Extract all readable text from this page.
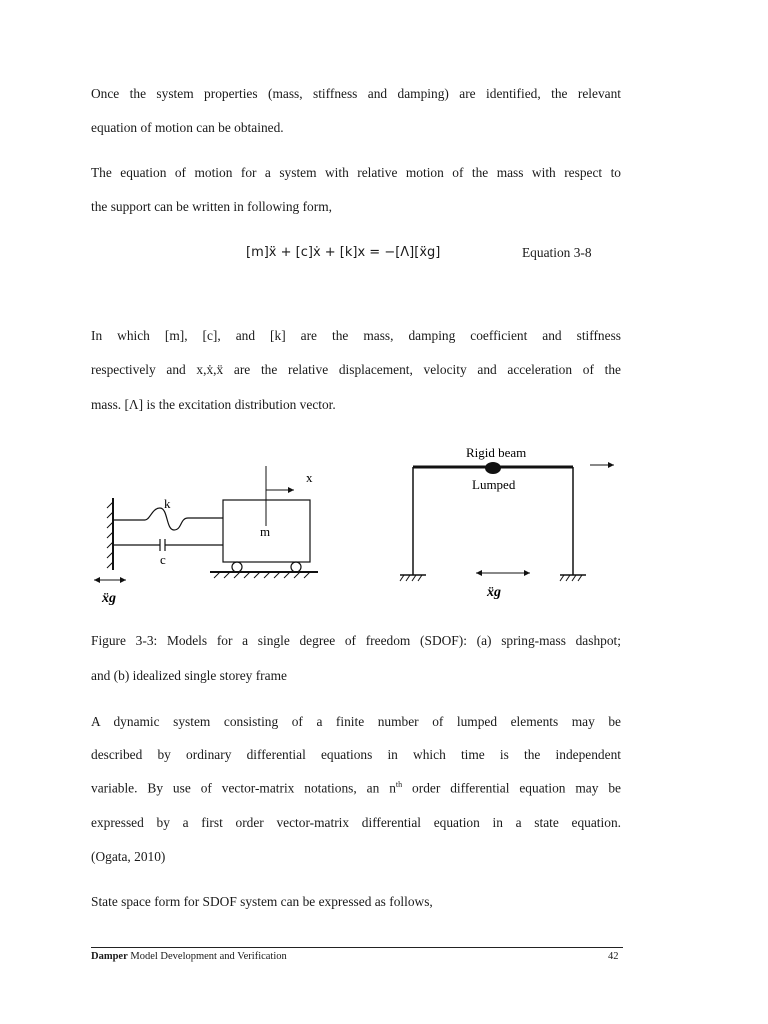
Once the system properties (mass, stiffness and damping) are identified, the relevant
equation of motion can be obtained.
The equation of motion for a system with relative motion of the mass with respect to
the support can be written in following form,
[m]ẍ + [c]ẋ + [k]x = −[Λ][ẍg]	Equation 3-8
In which [m], [c], and [k] are the mass, damping coefficient and stiffness
respectively and x,ẋ,ẍ are the relative displacement, velocity and acceleration of the
mass. [Λ] is the excitation distribution vector.
k
c
m
x
ẍg
Rigid beam
Lumped
ẍg
Figure 3-3: Models for a single degree of freedom (SDOF): (a) spring-mass dashpot;
and (b) idealized single storey frame
A dynamic system consisting of a finite number of lumped elements may be
described by ordinary differential equations in which time is the independent
variable. By use of vector-matrix notations, an $n^{th}$ order differential equation may be
expressed by a first order vector-matrix differential equation in a state equation.
(Ogata, 2010)
State space form for SDOF system can be expressed as follows,
Damper Model Development and Verification	42
